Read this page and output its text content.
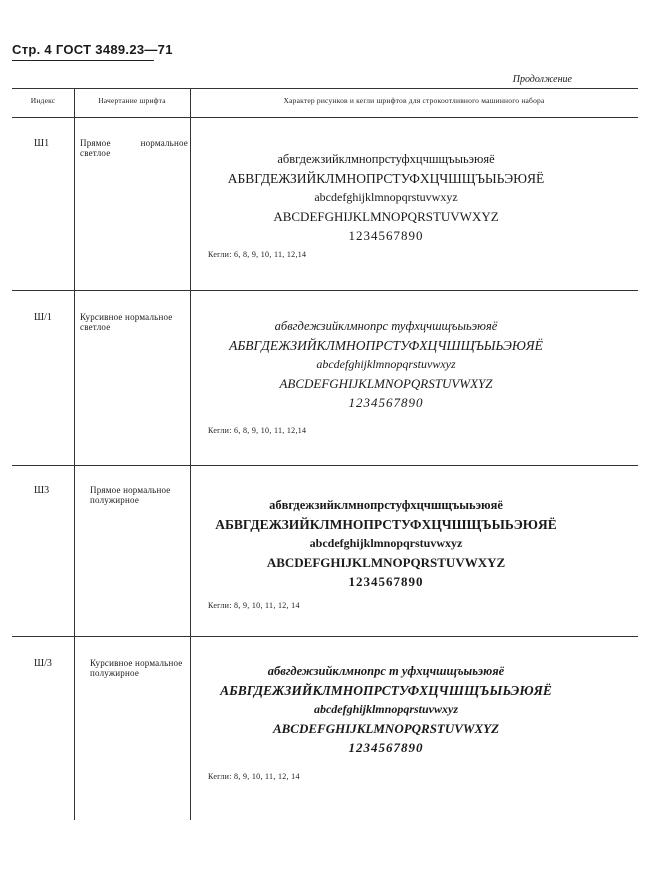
Стр. 4 ГОСТ 3489.23—71
Продолжение
Индекс	Начертание шрифта	Характер рисунков и кегли шрифтов для строкоотливного машинного набора
Ш1	Прямое нормальное светлое	абвгдежзийклмнопрстуфхцчшщъыьэюяё
АБВГДЕЖЗИЙКЛМНОПРСТУФХЦЧШЩЪЫЬЭЮЯЁ
abcdefghijklmnopqrstuvwxyz
ABCDEFGHIJKLMNOPQRSTUVWXYZ
1234567890
Кегли: 6, 8, 9, 10, 11, 12,14
Ш/1	Курсивное нормальное светлое	абвгдежзийклмнопрс туфхцчшщъыьэюяё
АБВГДЕЖЗИЙКЛМНОПРСТУФХЦЧШЩЪЫЬЭЮЯЁ
abcdefghijklmnopqrstuvwxyz
ABCDEFGHIJKLMNOPQRSTUVWXYZ
1234567890
Кегли: 6, 8, 9, 10, 11, 12,14
Ш3	Прямое нормальное полужирное	абвгдежзийклмнопрстуфхцчшщъыьэюяё
АБВГДЕЖЗИЙКЛМНОПРСТУФХЦЧШЩЪЫЬЭЮЯЁ
abcdefghijklmnopqrstuvwxyz
ABCDEFGHIJKLMNOPQRSTUVWXYZ
1234567890
Кегли: 8, 9, 10, 11, 12, 14
Ш/3	Курсивное нормальное полужирное	абвгдежзийклмнопрс т уфхцчшщъыьэюяё
АБВГДЕЖЗИЙКЛМНОПРСТУФХЦЧШЩЪЫЬЭЮЯЁ
abcdefghijklmnopqrstuvwxyz
ABCDEFGHIJKLMNOPQRSTUVWXYZ
1234567890
Кегли: 8, 9, 10, 11, 12, 14
